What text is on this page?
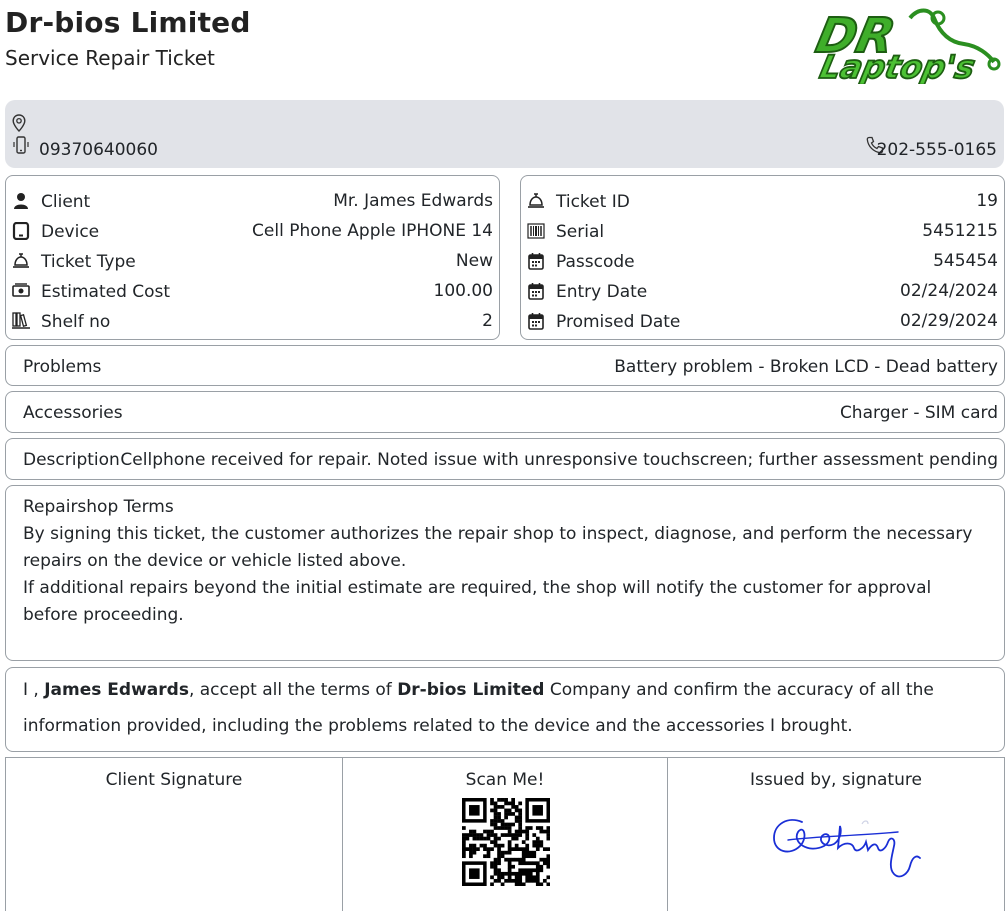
Dr-bios Limited
Service Repair Ticket	DR
Laptop's
09370640060	202-555-0165
Client	Mr. James Edwards
Device	Cell Phone Apple IPHONE 14
Ticket Type	New
Estimated Cost	100.00
Shelf no	2
Ticket ID	19
Serial	5451215
Passcode	545454
Entry Date	02/24/2024
Promised Date	02/29/2024
Problems	Battery problem - Broken LCD - Dead battery
Accessories	Charger - SIM card
Description Cellphone received for repair. Noted issue with unresponsive touchscreen; further assessment pending

Repairshop Terms

By signing this ticket, the customer authorizes the repair shop to inspect, diagnose, and perform the necessary repairs on the device or vehicle listed above.

If additional repairs beyond the initial estimate are required, the shop will notify the customer for approval before proceeding.

I , James Edwards, accept all the terms of Dr-bios Limited Company and confirm the accuracy of all the information provided, including the problems related to the device and the accessories I brought.
Client Signature	Scan Me!	Issued by, signature
